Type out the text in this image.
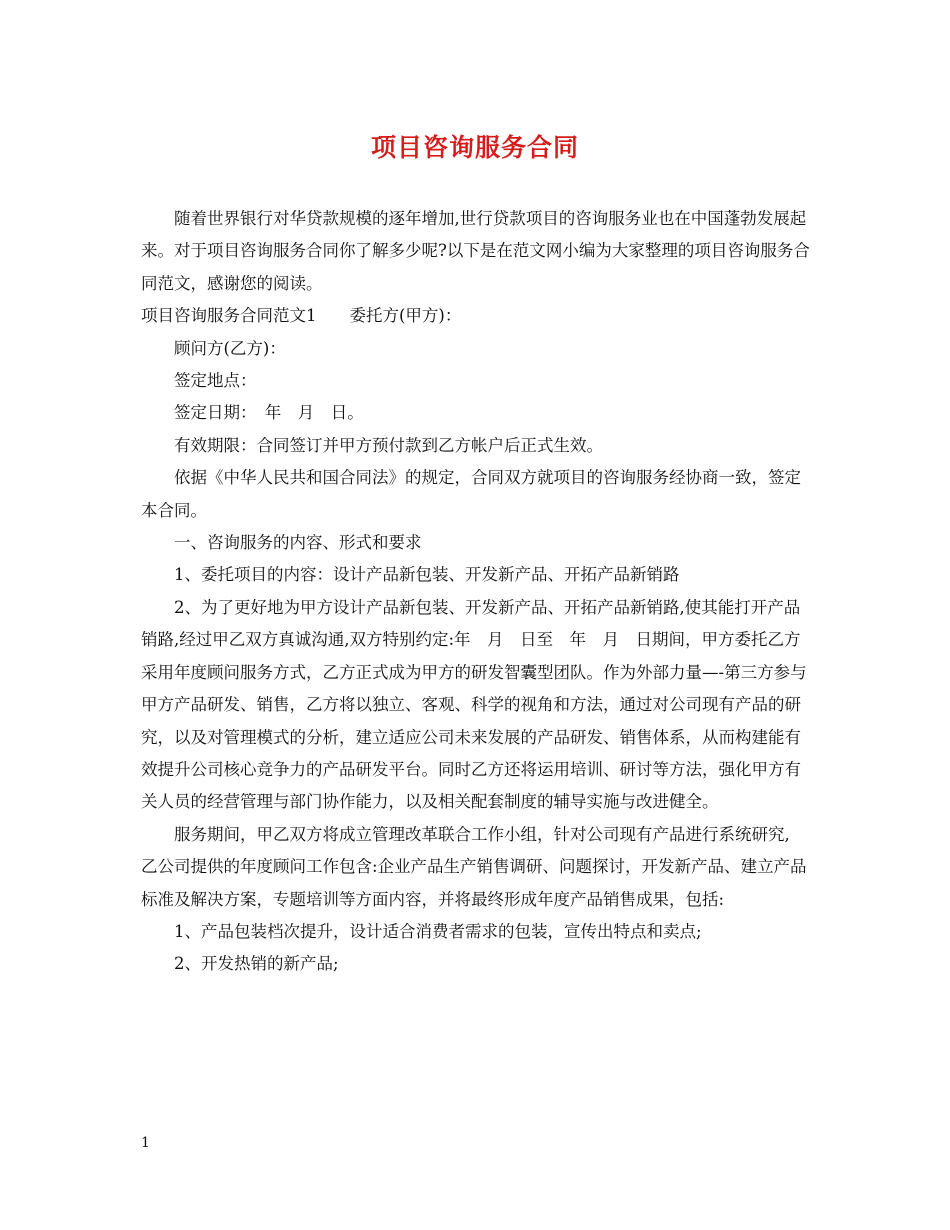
项目咨询服务合同

随着世界银行对华贷款规模的逐年增加,世行贷款项目的咨询服务业也在中国蓬勃发展起来。对于项目咨询服务合同你了解多少呢?以下是在范文网小编为大家整理的项目咨询服务合同范文，感谢您的阅读。

项目咨询服务合同范文1　　委托方(甲方)：

顾问方(乙方)：

签定地点：

签定日期：　年　月　日。

有效期限：合同签订并甲方预付款到乙方帐户后正式生效。

依据《中华人民共和国合同法》的规定，合同双方就项目的咨询服务经协商一致，签定本合同。

一、咨询服务的内容、形式和要求

1、委托项目的内容：设计产品新包装、开发新产品、开拓产品新销路

2、为了更好地为甲方设计产品新包装、开发新产品、开拓产品新销路,使其能打开产品销路,经过甲乙双方真诚沟通,双方特别约定:年　月　日至　年　月　日期间，甲方委托乙方采用年度顾问服务方式，乙方正式成为甲方的研发智囊型团队。作为外部力量—-第三方参与甲方产品研发、销售，乙方将以独立、客观、科学的视角和方法，通过对公司现有产品的研究，以及对管理模式的分析，建立适应公司未来发展的产品研发、销售体系，从而构建能有效提升公司核心竞争力的产品研发平台。同时乙方还将运用培训、研讨等方法，强化甲方有关人员的经营管理与部门协作能力，以及相关配套制度的辅导实施与改进健全。

服务期间，甲乙双方将成立管理改革联合工作小组，针对公司现有产品进行系统研究, 乙公司提供的年度顾问工作包含:企业产品生产销售调研、问题探讨，开发新产品、建立产品标准及解决方案，专题培训等方面内容，并将最终形成年度产品销售成果，包括:

1、产品包装档次提升，设计适合消费者需求的包装，宣传出特点和卖点;

2、开发热销的新产品;

1
